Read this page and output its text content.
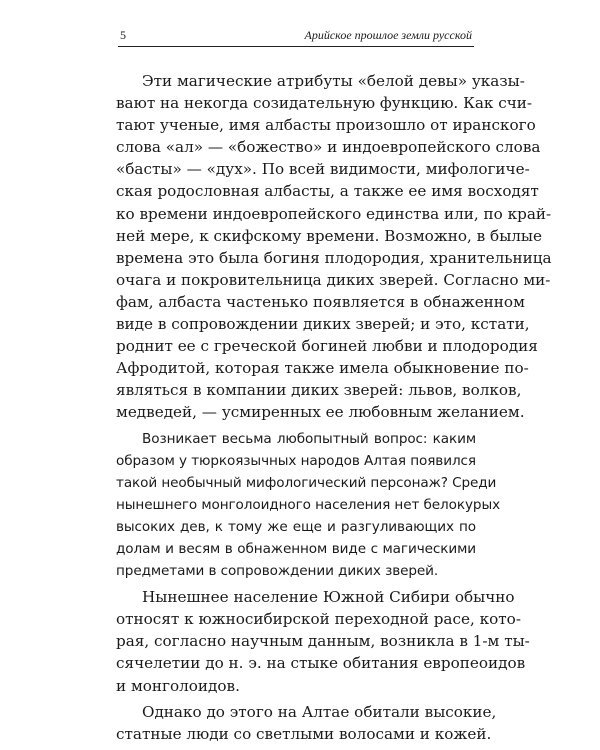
5	Арийское прошлое земли русской
Эти магические атрибуты «белой девы» указы-
вают на некогда созидательную функцию. Как счи-
тают ученые, имя албасты произошло от иранского
слова «ал» — «божество» и индоевропейского слова
«басты» — «дух». По всей видимости, мифологиче-
ская родословная албасты, а также ее имя восходят
ко времени индоевропейского единства или, по край-
ней мере, к скифскому времени. Возможно, в былые
времена это была богиня плодородия, хранительница
очага и покровительница диких зверей. Согласно ми-
фам, албаста частенько появляется в обнаженном
виде в сопровождении диких зверей; и это, кстати,
роднит ее с греческой богиней любви и плодородия
Афродитой, которая также имела обыкновение по-
являться в компании диких зверей: львов, волков,
медведей, — усмиренных ее любовным желанием.
Возникает весьма любопытный вопрос: каким
образом у тюркоязычных народов Алтая появился
такой необычный мифологический персонаж? Среди
нынешнего монголоидного населения нет белокурых
высоких дев, к тому же еще и разгуливающих по
долам и весям в обнаженном виде с магическими
предметами в сопровождении диких зверей.
Нынешнее население Южной Сибири обычно
относят к южносибирской переходной расе, кото-
рая, согласно научным данным, возникла в 1-м ты-
сячелетии до н. э. на стыке обитания европеоидов
и монголоидов.
Однако до этого на Алтае обитали высокие,
статные люди со светлыми волосами и кожей.
